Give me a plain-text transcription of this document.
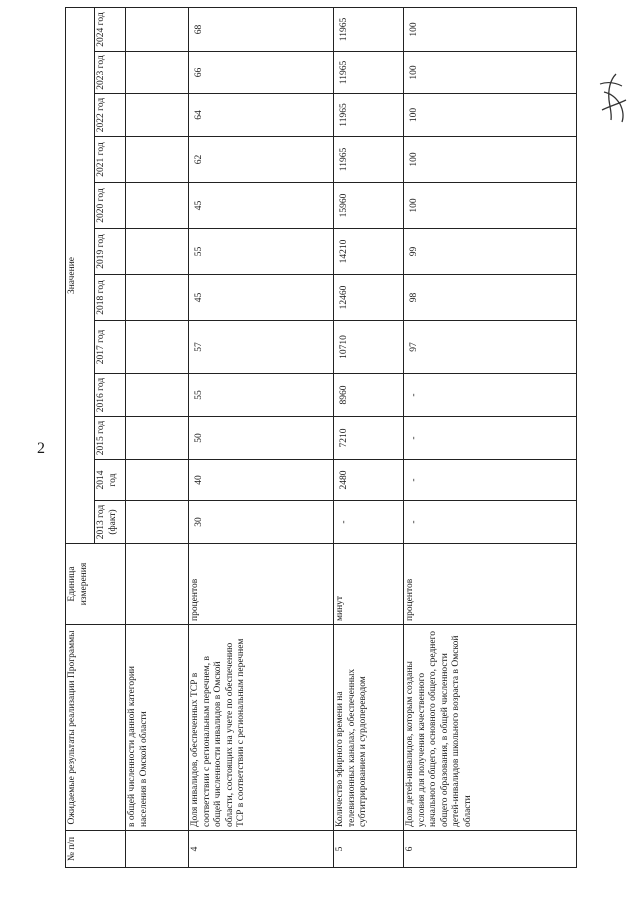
2
№ п/п	Ожидаемые результаты реализации Программы	Единица измерения	Значение											
			2013 год (факт)	2014 год	2015 год	2016 год	2017 год	2018 год	2019 год	2020 год	2021 год	2022 год	2023 год	2024 год
	в общей численности данной категории населения в Омской области													
4	Доля инвалидов, обеспеченных ТСР в соответствии с региональным перечнем, в общей численности инвалидов в Омской области, состоящих на учете по обеспечению ТСР в соответствии с региональным перечнем	процентов	30	40	50	55	57	45	55	45	62	64	66	68
5	Количество эфирного времени на телевизионных каналах, обеспеченных субтитрированием и сурдопереводом	минут	-	2480	7210	8960	10710	12460	14210	15960	11965	11965	11965	11965
6	Доля детей-инвалидов, которым созданы условия для получения качественного начального общего, основного общего, среднего общего образования, в общей численности детей-инвалидов школьного возраста в Омской области	процентов	-	-	-	-	97	98	99	100	100	100	100	100
